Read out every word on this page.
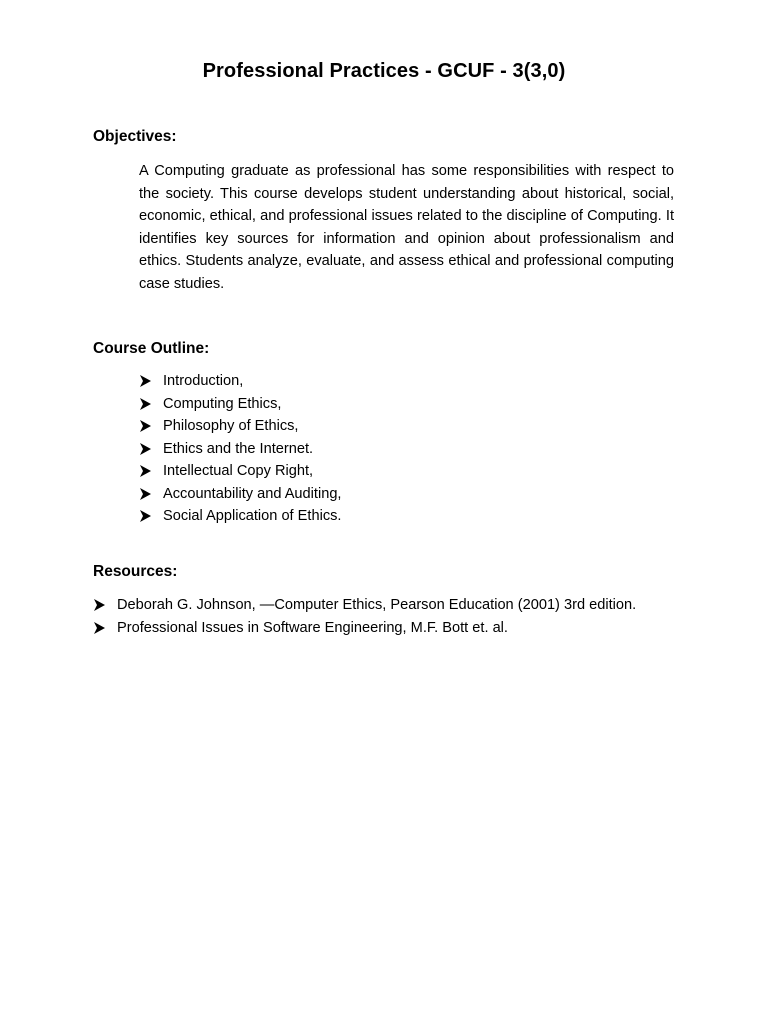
Professional Practices - GCUF - 3(3,0)
Objectives:
A Computing graduate as professional has some responsibilities with respect to the society. This course develops student understanding about historical, social, economic, ethical, and professional issues related to the discipline of Computing. It identifies key sources for information and opinion about professionalism and ethics. Students analyze, evaluate, and assess ethical and professional computing case studies.
Course Outline:
Introduction,
Computing Ethics,
Philosophy of Ethics,
Ethics and the Internet.
Intellectual Copy Right,
Accountability and Auditing,
Social Application of Ethics.
Resources:
Deborah G. Johnson, —Computer Ethics, Pearson Education (2001) 3rd edition.
Professional Issues in Software Engineering, M.F. Bott et. al.
